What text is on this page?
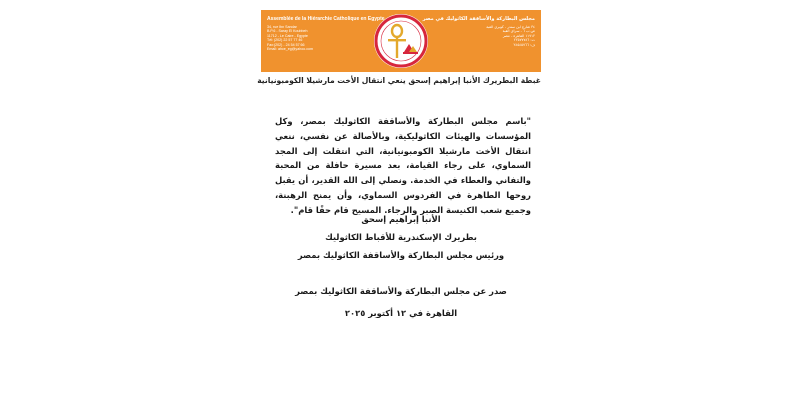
Assemblée de la Hiérarchie Catholique en Egypte
34, rue Ibn Sandar
B.P.6 - Saray El Koubbeh
11712 - Le Caire - Egypte
Tél: (202) 22 57 77 46
Fax:(202) - 24 54 57 66
Email: ahce_eg@yahoo.com
مجلس البطاركة والأساقفة الكاثوليك في مصر
٣٤ شارع ابن سندر - كوبري القبة
ص.ب ٦ - سراي القبة
١١٧١٢ القاهرة - مصر
ت: ٢٢٥٧٧٧٤٦
ف: ٢٤٥٤٥٧٦٦
غبطة البطريرك الأنبا إبراهيم إسحق ينعي انتقال الأخت مارشيلا الكومبونيانية

"باسم مجلس البطاركة والأساقفة الكاثوليك بمصر، وكل المؤسسات والهيئات الكاثوليكية، وبالأصالة عن نفسي، ننعي انتقال الأخت مارشيلا الكومبونيانية، التي انتقلت إلى المجد السماوي، على رجاء القيامة، بعد مسيرة حافلة من المحبة والتفاني والعطاء في الخدمة. ونصلي إلى الله القدير، أن يقبل روحها الطاهرة في الفردوس السماوي، وأن يمنح الرهبنة، وجميع شعب الكنيسة الصبر والرجاء. المسيح قام حقًا قام".

الأنبا إبراهيم إسحق
بطريرك الإسكندرية للأقباط الكاثوليك
ورئيس مجلس البطاركة والأساقفة الكاثوليك بمصر
صدر عن مجلس البطاركة والأساقفة الكاثوليك بمصر
القاهرة في ١٢ أكتوبر ٢٠٢٥
